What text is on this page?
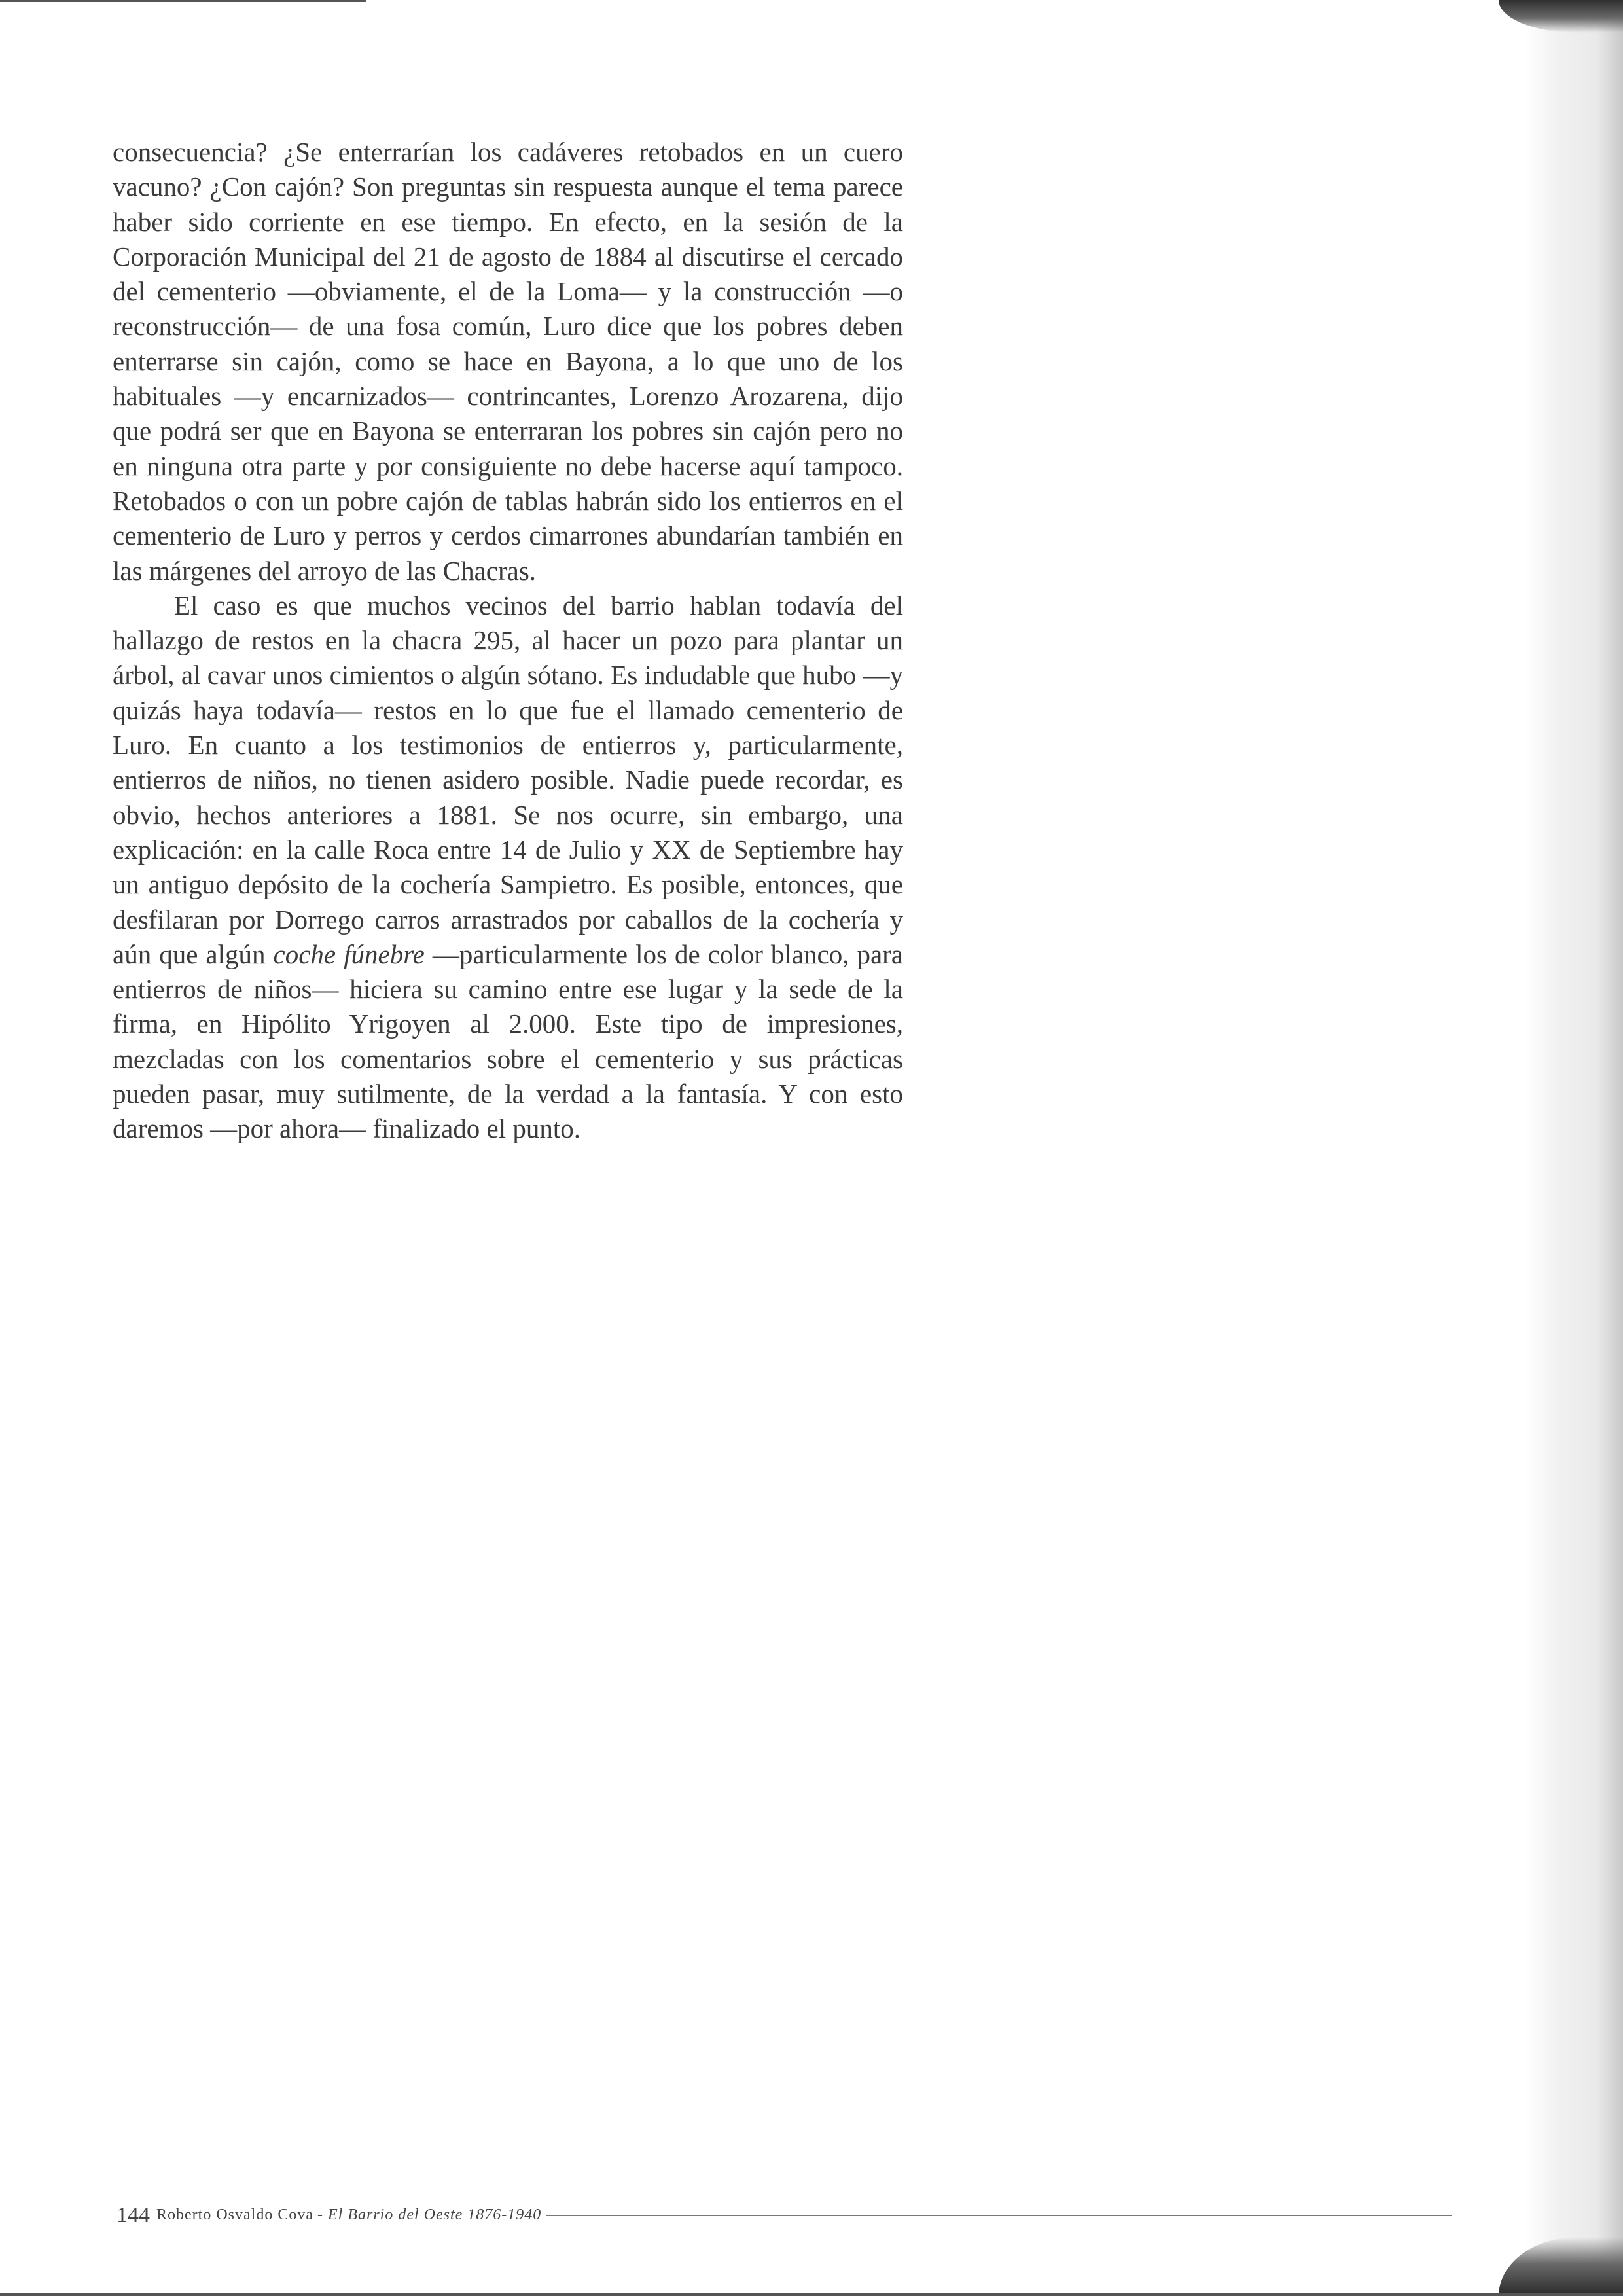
consecuencia? ¿Se enterrarían los cadáveres retobados en un cuero vacuno? ¿Con cajón? Son preguntas sin respuesta aunque el tema parece haber sido corriente en ese tiempo. En efecto, en la sesión de la Corporación Municipal del 21 de agosto de 1884 al discutirse el cercado del cementerio —obviamente, el de la Loma— y la construcción —o reconstrucción— de una fosa común, Luro dice que los pobres deben enterrarse sin cajón, como se hace en Bayona, a lo que uno de los habituales —y encarnizados— contrincantes, Lorenzo Arozarena, dijo que podrá ser que en Bayona se enterraran los pobres sin cajón pero no en ninguna otra parte y por consiguiente no debe hacerse aquí tampoco. Retobados o con un pobre cajón de tablas habrán sido los entierros en el cementerio de Luro y perros y cerdos cimarrones abundarían también en las márgenes del arroyo de las Chacras.

El caso es que muchos vecinos del barrio hablan todavía del hallazgo de restos en la chacra 295, al hacer un pozo para plantar un árbol, al cavar unos cimientos o algún sótano. Es indudable que hubo —y quizás haya todavía— restos en lo que fue el llamado cementerio de Luro. En cuanto a los testimonios de entierros y, particularmente, entierros de niños, no tienen asidero posible. Nadie puede recordar, es obvio, hechos anteriores a 1881. Se nos ocurre, sin embargo, una explicación: en la calle Roca entre 14 de Julio y XX de Septiembre hay un antiguo depósito de la cochería Sampietro. Es posible, entonces, que desfilaran por Dorrego carros arrastrados por caballos de la cochería y aún que algún coche fúnebre —particularmente los de color blanco, para entierros de niños— hiciera su camino entre ese lugar y la sede de la firma, en Hipólito Yrigoyen al 2.000. Este tipo de impresiones, mezcladas con los comentarios sobre el cementerio y sus prácticas pueden pasar, muy sutilmente, de la verdad a la fantasía. Y con esto daremos —por ahora— finalizado el punto.

144 Roberto Osvaldo Cova - El Barrio del Oeste 1876-1940
